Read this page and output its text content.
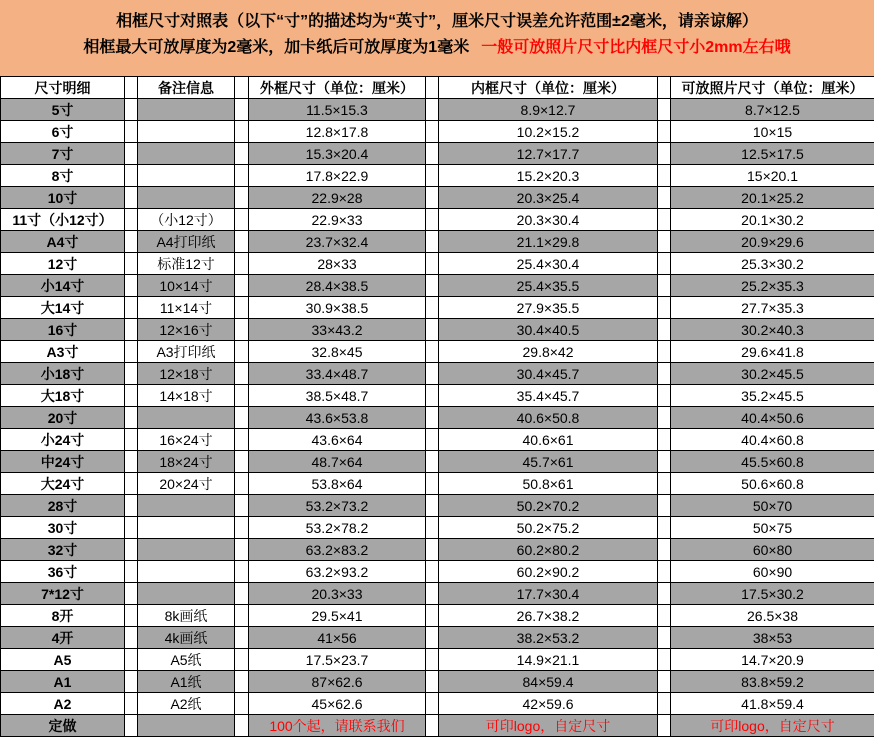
相框尺寸对照表（以下“寸”的描述均为“英寸”，厘米尺寸误差允许范围±2毫米，请亲谅解）
相框最大可放厚度为2毫米，加卡纸后可放厚度为1毫米 一般可放照片尺寸比内框尺寸小2mm左右哦
尺寸明细		备注信息		外框尺寸（单位：厘米）		内框尺寸（单位：厘米）		可放照片尺寸（单位：厘米）
5寸				11.5×15.3		8.9×12.7		8.7×12.5
6寸				12.8×17.8		10.2×15.2		10×15
7寸				15.3×20.4		12.7×17.7		12.5×17.5
8寸				17.8×22.9		15.2×20.3		15×20.1
10寸				22.9×28		20.3×25.4		20.1×25.2
11寸（小12寸）		（小12寸）		22.9×33		20.3×30.4		20.1×30.2
A4寸		A4打印纸		23.7×32.4		21.1×29.8		20.9×29.6
12寸		标准12寸		28×33		25.4×30.4		25.3×30.2
小14寸		10×14寸		28.4×38.5		25.4×35.5		25.2×35.3
大14寸		11×14寸		30.9×38.5		27.9×35.5		27.7×35.3
16寸		12×16寸		33×43.2		30.4×40.5		30.2×40.3
A3寸		A3打印纸		32.8×45		29.8×42		29.6×41.8
小18寸		12×18寸		33.4×48.7		30.4×45.7		30.2×45.5
大18寸		14×18寸		38.5×48.7		35.4×45.7		35.2×45.5
20寸				43.6×53.8		40.6×50.8		40.4×50.6
小24寸		16×24寸		43.6×64		40.6×61		40.4×60.8
中24寸		18×24寸		48.7×64		45.7×61		45.5×60.8
大24寸		20×24寸		53.8×64		50.8×61		50.6×60.8
28寸				53.2×73.2		50.2×70.2		50×70
30寸				53.2×78.2		50.2×75.2		50×75
32寸				63.2×83.2		60.2×80.2		60×80
36寸				63.2×93.2		60.2×90.2		60×90
7*12寸				20.3×33		17.7×30.4		17.5×30.2
8开		8k画纸		29.5×41		26.7×38.2		26.5×38
4开		4k画纸		41×56		38.2×53.2		38×53
A5		A5纸		17.5×23.7		14.9×21.1		14.7×20.9
A1		A1纸		87×62.6		84×59.4		83.8×59.2
A2		A2纸		45×62.6		42×59.6		41.8×59.4
定做				100个起，请联系我们		可印logo，自定尺寸		可印logo，自定尺寸
